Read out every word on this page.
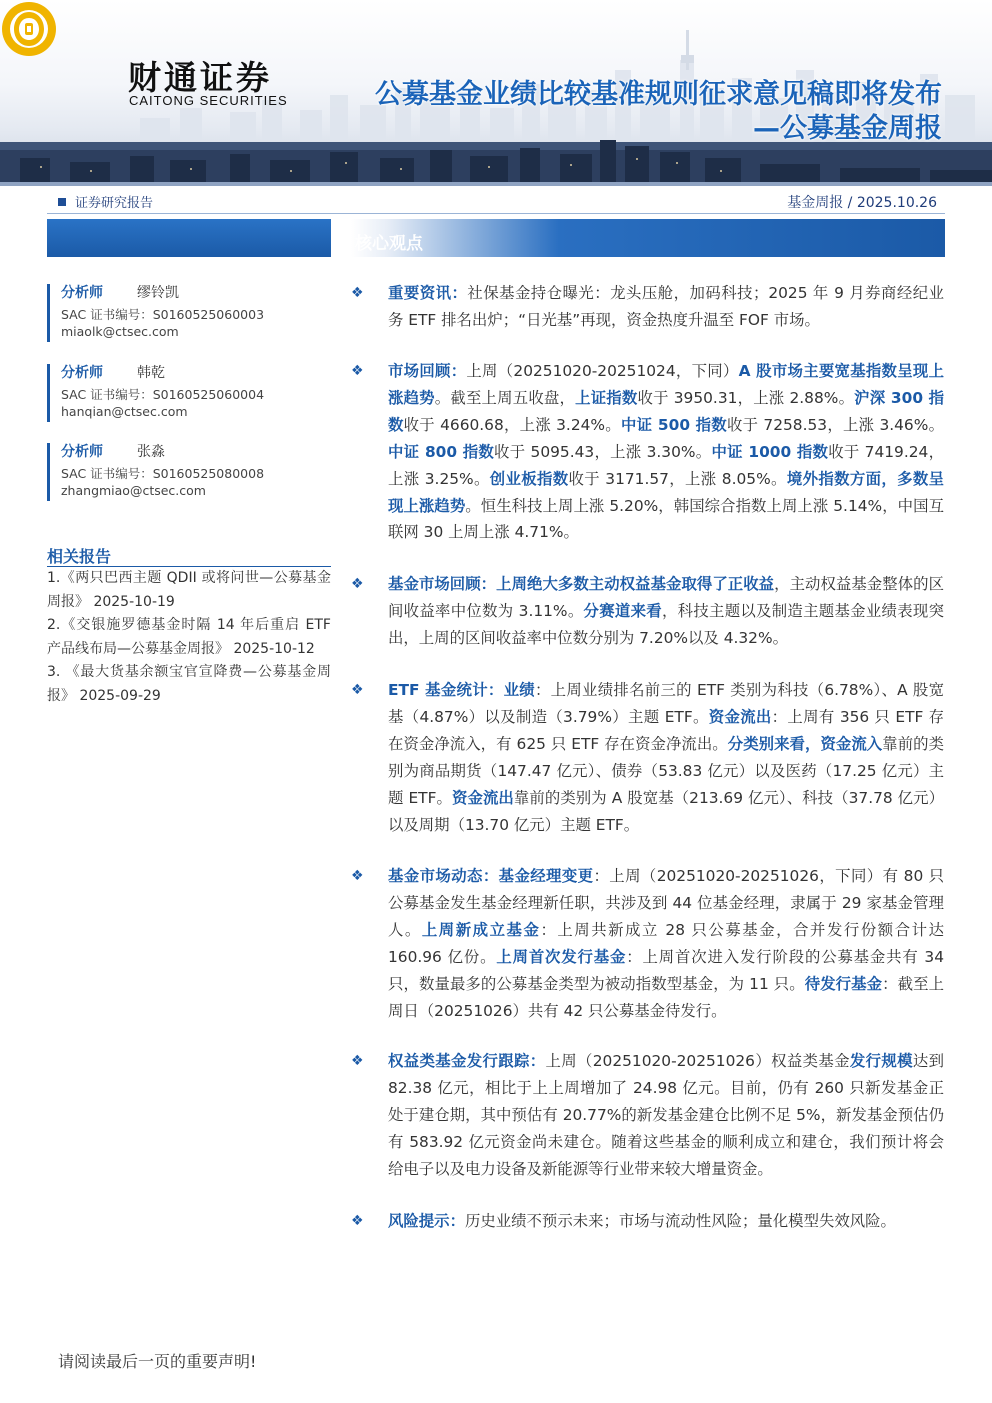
财通证券
CAITONG SECURITIES	公募基金业绩比较基准规则征求意见稿即将发布
—公募基金周报
证券研究报告	基金周报 / 2025.10.26
分析师 缪铃凯
SAC 证书编号：S0160525060003
miaolk@ctsec.com
分析师 韩乾
SAC 证书编号：S0160525060004
hanqian@ctsec.com
分析师 张淼
SAC 证书编号：S0160525080008
zhangmiao@ctsec.com
相关报告
1.《两只巴西主题 QDII 或将问世—公募基金周报》 2025-10-19
2.《交银施罗德基金时隔 14 年后重启 ETF 产品线布局—公募基金周报》 2025-10-12
3. 《最大货基余额宝官宣降费—公募基金周报》 2025-09-29
核心观点
❖ 重要资讯：社保基金持仓曝光：龙头压舱，加码科技；2025 年 9 月券商经纪业务 ETF 排名出炉；“日光基”再现，资金热度升温至 FOF 市场。
❖ 市场回顾：上周（20251020-20251024，下同）A 股市场主要宽基指数呈现上涨趋势。截至上周五收盘，上证指数收于 3950.31，上涨 2.88%。沪深 300 指数收于 4660.68，上涨 3.24%。中证 500 指数收于 7258.53，上涨 3.46%。中证 800 指数收于 5095.43，上涨 3.30%。中证 1000 指数收于 7419.24，上涨 3.25%。创业板指数收于 3171.57，上涨 8.05%。境外指数方面，多数呈现上涨趋势。恒生科技上周上涨 5.20%，韩国综合指数上周上涨 5.14%，中国互联网 30 上周上涨 4.71%。
❖ 基金市场回顾：上周绝大多数主动权益基金取得了正收益，主动权益基金整体的区间收益率中位数为 3.11%。分赛道来看，科技主题以及制造主题基金业绩表现突出，上周的区间收益率中位数分别为 7.20%以及 4.32%。
❖ ETF 基金统计：业绩：上周业绩排名前三的 ETF 类别为科技（6.78%）、A 股宽基（4.87%）以及制造（3.79%）主题 ETF。资金流出：上周有 356 只 ETF 存在资金净流入，有 625 只 ETF 存在资金净流出。分类别来看，资金流入靠前的类别为商品期货（147.47 亿元）、债券（53.83 亿元）以及医药（17.25 亿元）主题 ETF。资金流出靠前的类别为 A 股宽基（213.69 亿元）、科技（37.78 亿元）以及周期（13.70 亿元）主题 ETF。
❖ 基金市场动态：基金经理变更：上周（20251020-20251026，下同）有 80 只公募基金发生基金经理新任职，共涉及到 44 位基金经理，隶属于 29 家基金管理人。上周新成立基金：上周共新成立 28 只公募基金，合并发行份额合计达 160.96 亿份。上周首次发行基金：上周首次进入发行阶段的公募基金共有 34 只，数量最多的公募基金类型为被动指数型基金，为 11 只。待发行基金：截至上周日（20251026）共有 42 只公募基金待发行。
❖ 权益类基金发行跟踪：上周（20251020-20251026）权益类基金发行规模达到 82.38 亿元，相比于上上周增加了 24.98 亿元。目前，仍有 260 只新发基金正处于建仓期，其中预估有 20.77%的新发基金建仓比例不足 5%，新发基金预估仍有 583.92 亿元资金尚未建仓。随着这些基金的顺利成立和建仓，我们预计将会给电子以及电力设备及新能源等行业带来较大增量资金。
❖ 风险提示：历史业绩不预示未来；市场与流动性风险；量化模型失效风险。
请阅读最后一页的重要声明!
